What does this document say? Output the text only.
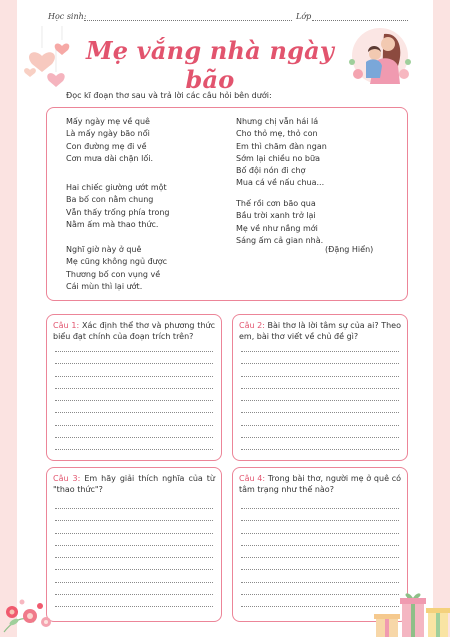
Học sinh:	Lớp
Mẹ vắng nhà ngày bão
Đọc kĩ đoạn thơ sau và trả lời các câu hỏi bên dưới:
Mấy ngày mẹ về quê
Là mấy ngày bão nổi
Con đường mẹ đi về
Cơn mưa dài chặn lối.
Hai chiếc giường ướt một
Ba bố con nằm chung
Vẫn thấy trống phía trong
Nằm ấm mà thao thức.
Nghĩ giờ này ở quê
Mẹ cũng không ngủ được
Thương bố con vụng về
Cái mùn thì lại ướt.
Nhưng chị vẫn hái lá
Cho thỏ mẹ, thỏ con
Em thì chăm đàn ngan
Sớm lại chiều no bữa
Bố đội nón đi chợ
Mua cá về nấu chua...
Thế rồi cơn bão qua
Bầu trời xanh trở lại
Mẹ về như nắng mới
Sáng ấm cả gian nhà.
(Đặng Hiển)
Câu 1: Xác định thể thơ và phương thức biểu đạt chính của đoạn trích trên?
Câu 2: Bài thơ là lời tâm sự của ai? Theo em, bài thơ viết về chủ đề gì?
Câu 3: Em hãy giải thích nghĩa của từ "thao thức"?
Câu 4: Trong bài thơ, người mẹ ở quê có tâm trạng như thế nào?
